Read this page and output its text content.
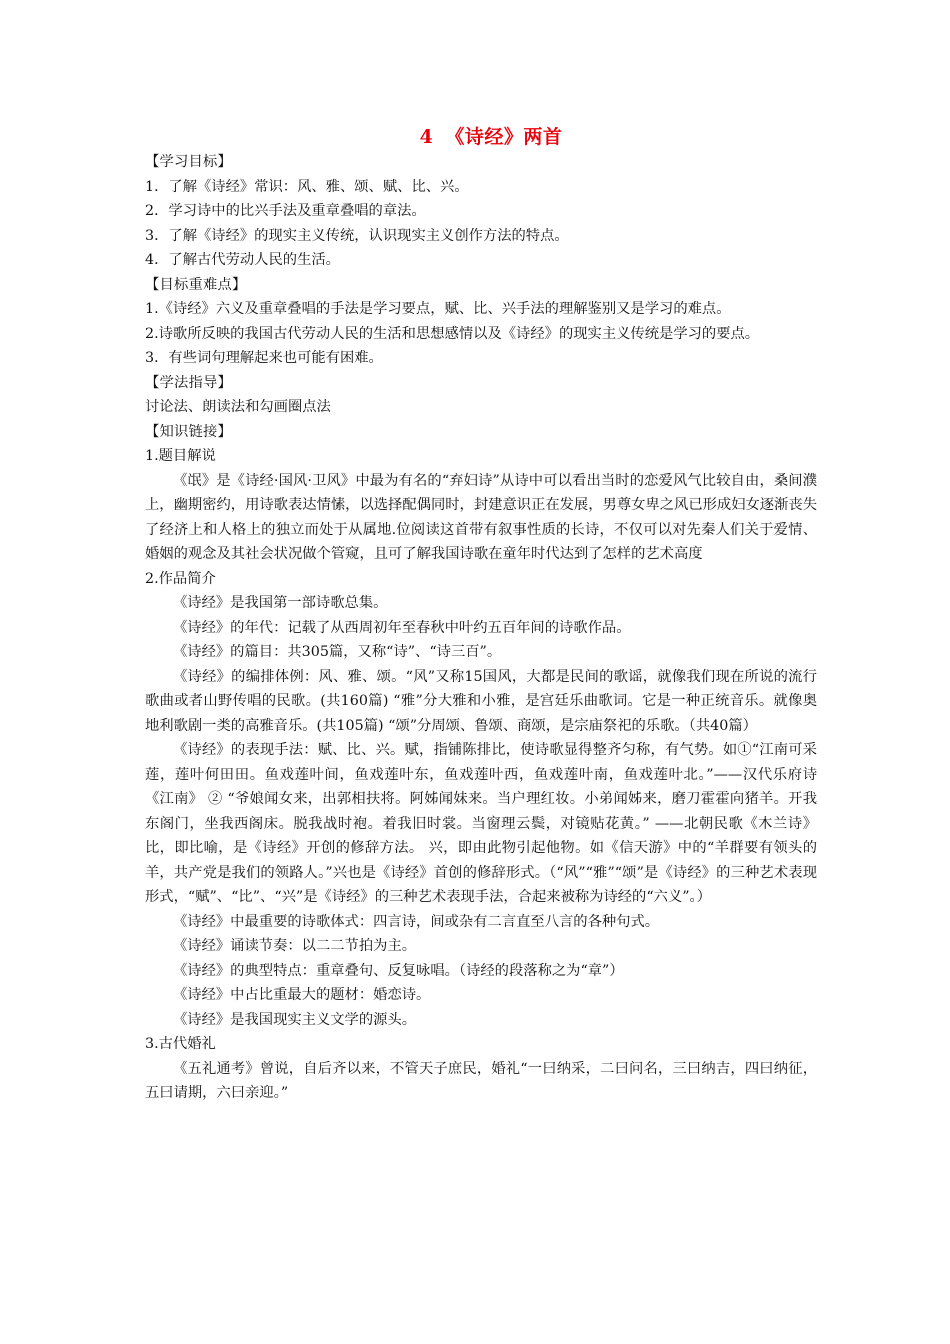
4 《诗经》两首
【学习目标】
1．了解《诗经》常识：风、雅、颂、赋、比、兴。
2．学习诗中的比兴手法及重章叠唱的章法。
3．了解《诗经》的现实主义传统，认识现实主义创作方法的特点。
4．了解古代劳动人民的生活。
【目标重难点】
1.《诗经》六义及重章叠唱的手法是学习要点，赋、比、兴手法的理解鉴别又是学习的难点。
2.诗歌所反映的我国古代劳动人民的生活和思想感情以及《诗经》的现实主义传统是学习的要点。
3．有些词句理解起来也可能有困难。
【学法指导】
讨论法、朗读法和勾画圈点法
【知识链接】
1.题目解说
《氓》是《诗经·国风·卫风》中最为有名的“弃妇诗”从诗中可以看出当时的恋爱风气比较自由，桑间濮上，幽期密约，用诗歌表达情愫，以选择配偶同时，封建意识正在发展，男尊女卑之风已形成妇女逐渐丧失了经济上和人格上的独立而处于从属地.位阅读这首带有叙事性质的长诗，不仅可以对先秦人们关于爱情、婚姻的观念及其社会状况做个管窥，且可了解我国诗歌在童年时代达到了怎样的艺术高度
2.作品简介
《诗经》是我国第一部诗歌总集。
《诗经》的年代：记载了从西周初年至春秋中叶约五百年间的诗歌作品。
《诗经》的篇目：共305篇，又称“诗”、“诗三百”。
《诗经》的编排体例：风、雅、颂。“风”又称15国风，大都是民间的歌谣，就像我们现在所说的流行歌曲或者山野传唱的民歌。(共160篇) “雅”分大雅和小雅，是宫廷乐曲歌词。它是一种正统音乐。就像奥地利歌剧一类的高雅音乐。(共105篇) “颂”分周颂、鲁颂、商颂，是宗庙祭祀的乐歌。（共40篇）
《诗经》的表现手法：赋、比、兴。赋，指铺陈排比，使诗歌显得整齐匀称，有气势。如①“江南可采莲，莲叶何田田。鱼戏莲叶间，鱼戏莲叶东，鱼戏莲叶西，鱼戏莲叶南，鱼戏莲叶北。”——汉代乐府诗《江南》 ② “爷娘闻女来，出郭相扶将。阿姊闻妹来。当户理红妆。小弟闻姊来，磨刀霍霍向猪羊。开我东阁门，坐我西阁床。脱我战时袍。着我旧时裳。当窗理云鬓，对镜贴花黄。” ——北朝民歌《木兰诗》 比，即比喻，是《诗经》开创的修辞方法。 兴，即由此物引起他物。如《信天游》中的“羊群要有领头的羊，共产党是我们的领路人。”兴也是《诗经》首创的修辞形式。（“风”“雅”“颂”是《诗经》的三种艺术表现形式，“赋”、“比”、“兴”是《诗经》的三种艺术表现手法，合起来被称为诗经的“六义”。）
《诗经》中最重要的诗歌体式：四言诗，间或杂有二言直至八言的各种句式。
《诗经》诵读节奏：以二二节拍为主。
《诗经》的典型特点：重章叠句、反复咏唱。（诗经的段落称之为“章”）
《诗经》中占比重最大的题材：婚恋诗。
《诗经》是我国现实主义文学的源头。
3.古代婚礼
《五礼通考》曾说，自后齐以来，不管天子庶民，婚礼“一曰纳采，二曰问名，三曰纳吉，四曰纳征，五曰请期，六曰亲迎。”
